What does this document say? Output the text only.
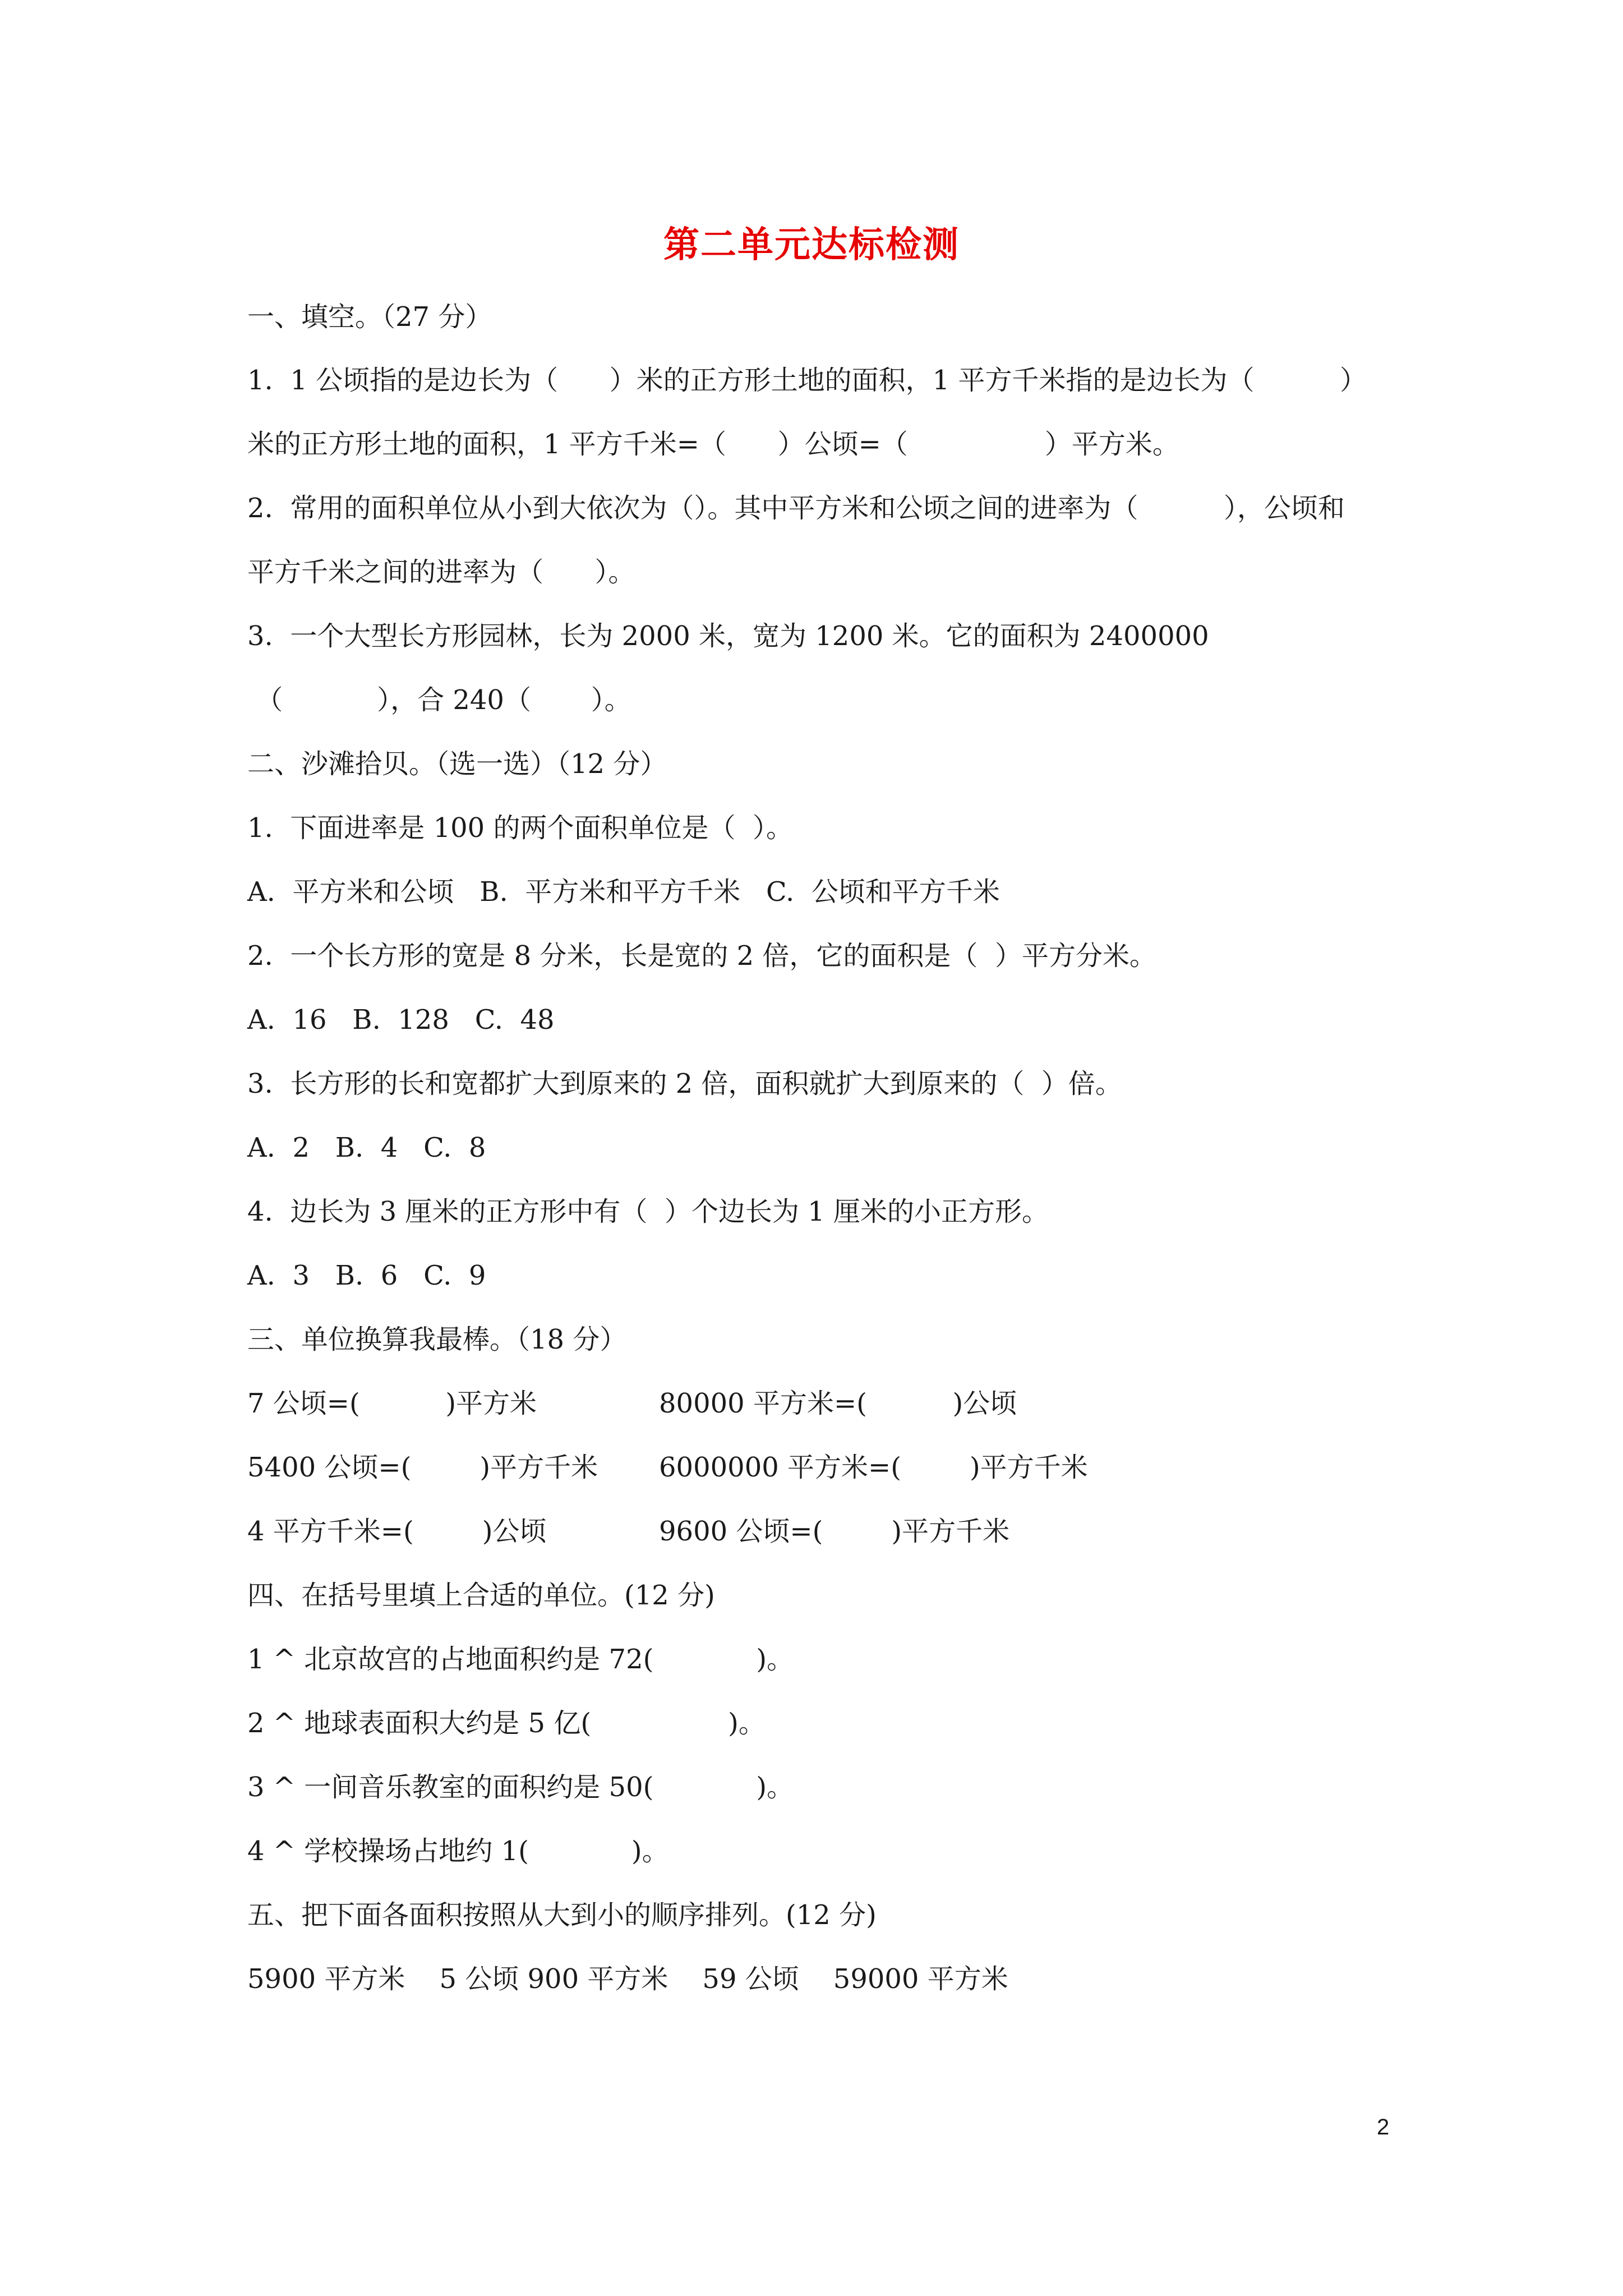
第二单元达标检测
一、填空。（27 分）
1.  1 公顷指的是边长为（      ）米的正方形土地的面积，1 平方千米指的是边长为（          ）
米的正方形土地的面积，1 平方千米=（      ）公顷=（                ）平方米。
2.  常用的面积单位从小到大依次为（）。其中平方米和公顷之间的进率为（          ），公顷和
平方千米之间的进率为（      ）。
3.  一个大型长方形园林，长为 2000 米，宽为 1200 米。它的面积为 2400000
（           ），合 240（       ）。
二、沙滩拾贝。（选一选）（12 分）
1.  下面进率是 100 的两个面积单位是（  ）。
A.  平方米和公顷   B.  平方米和平方千米   C.  公顷和平方千米
2.  一个长方形的宽是 8 分米，长是宽的 2 倍，它的面积是（  ）平方分米。
A.  16   B.  128   C.  48
3.  长方形的长和宽都扩大到原来的 2 倍，面积就扩大到原来的（  ）倍。
A.  2   B.  4   C.  8
4.  边长为 3 厘米的正方形中有（  ）个边长为 1 厘米的小正方形。
A.  3   B.  6   C.  9
三、单位换算我最棒。（18 分）
7 公顷=(          )平方米	80000 平方米=(          )公顷
5400 公顷=(        )平方千米 6000000 平方米=(        )平方千米
4 平方千米=(        )公顷	9600 公顷=(        )平方千米
四、在括号里填上合适的单位。(12 分)
1 ^ 北京故宫的占地面积约是 72(            )。
2 ^ 地球表面积大约是 5 亿(                )。
3 ^ 一间音乐教室的面积约是 50(            )。
4 ^ 学校操场占地约 1(            )。
五、把下面各面积按照从大到小的顺序排列。(12 分)
5900 平方米    5 公顷 900 平方米    59 公顷    59000 平方米
2
